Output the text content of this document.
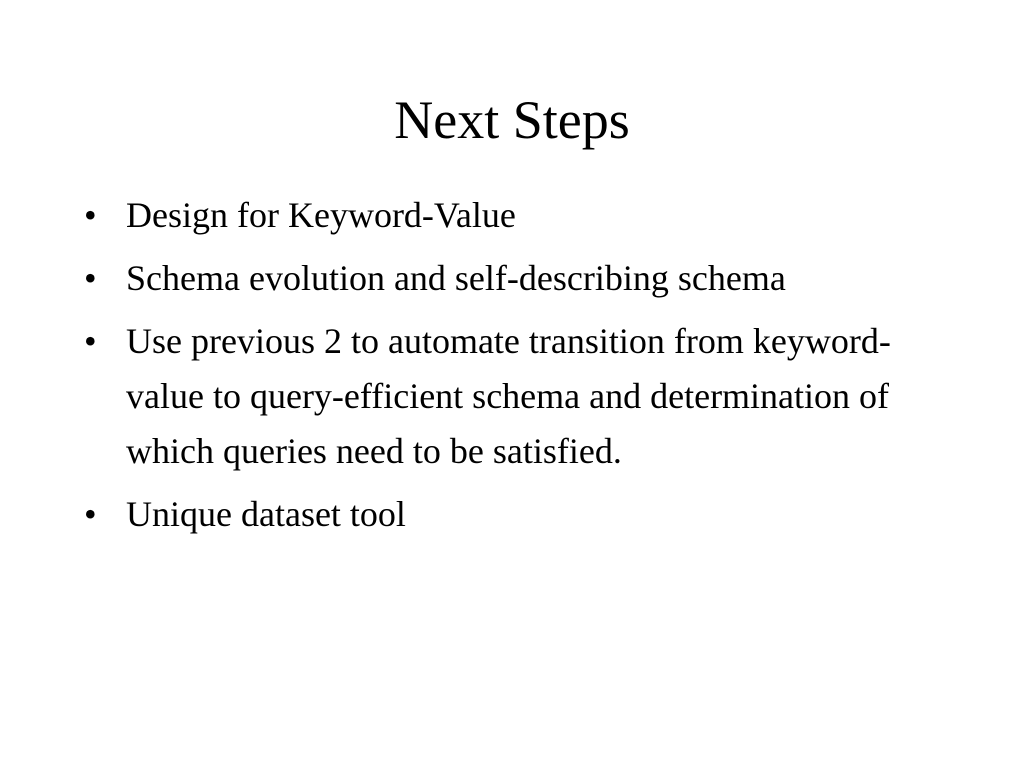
Next Steps
• Design for Keyword-Value
• Schema evolution and self-describing schema
• Use previous 2 to automate transition from keyword-value to query-efficient schema and determination of which queries need to be satisfied.
• Unique dataset tool
